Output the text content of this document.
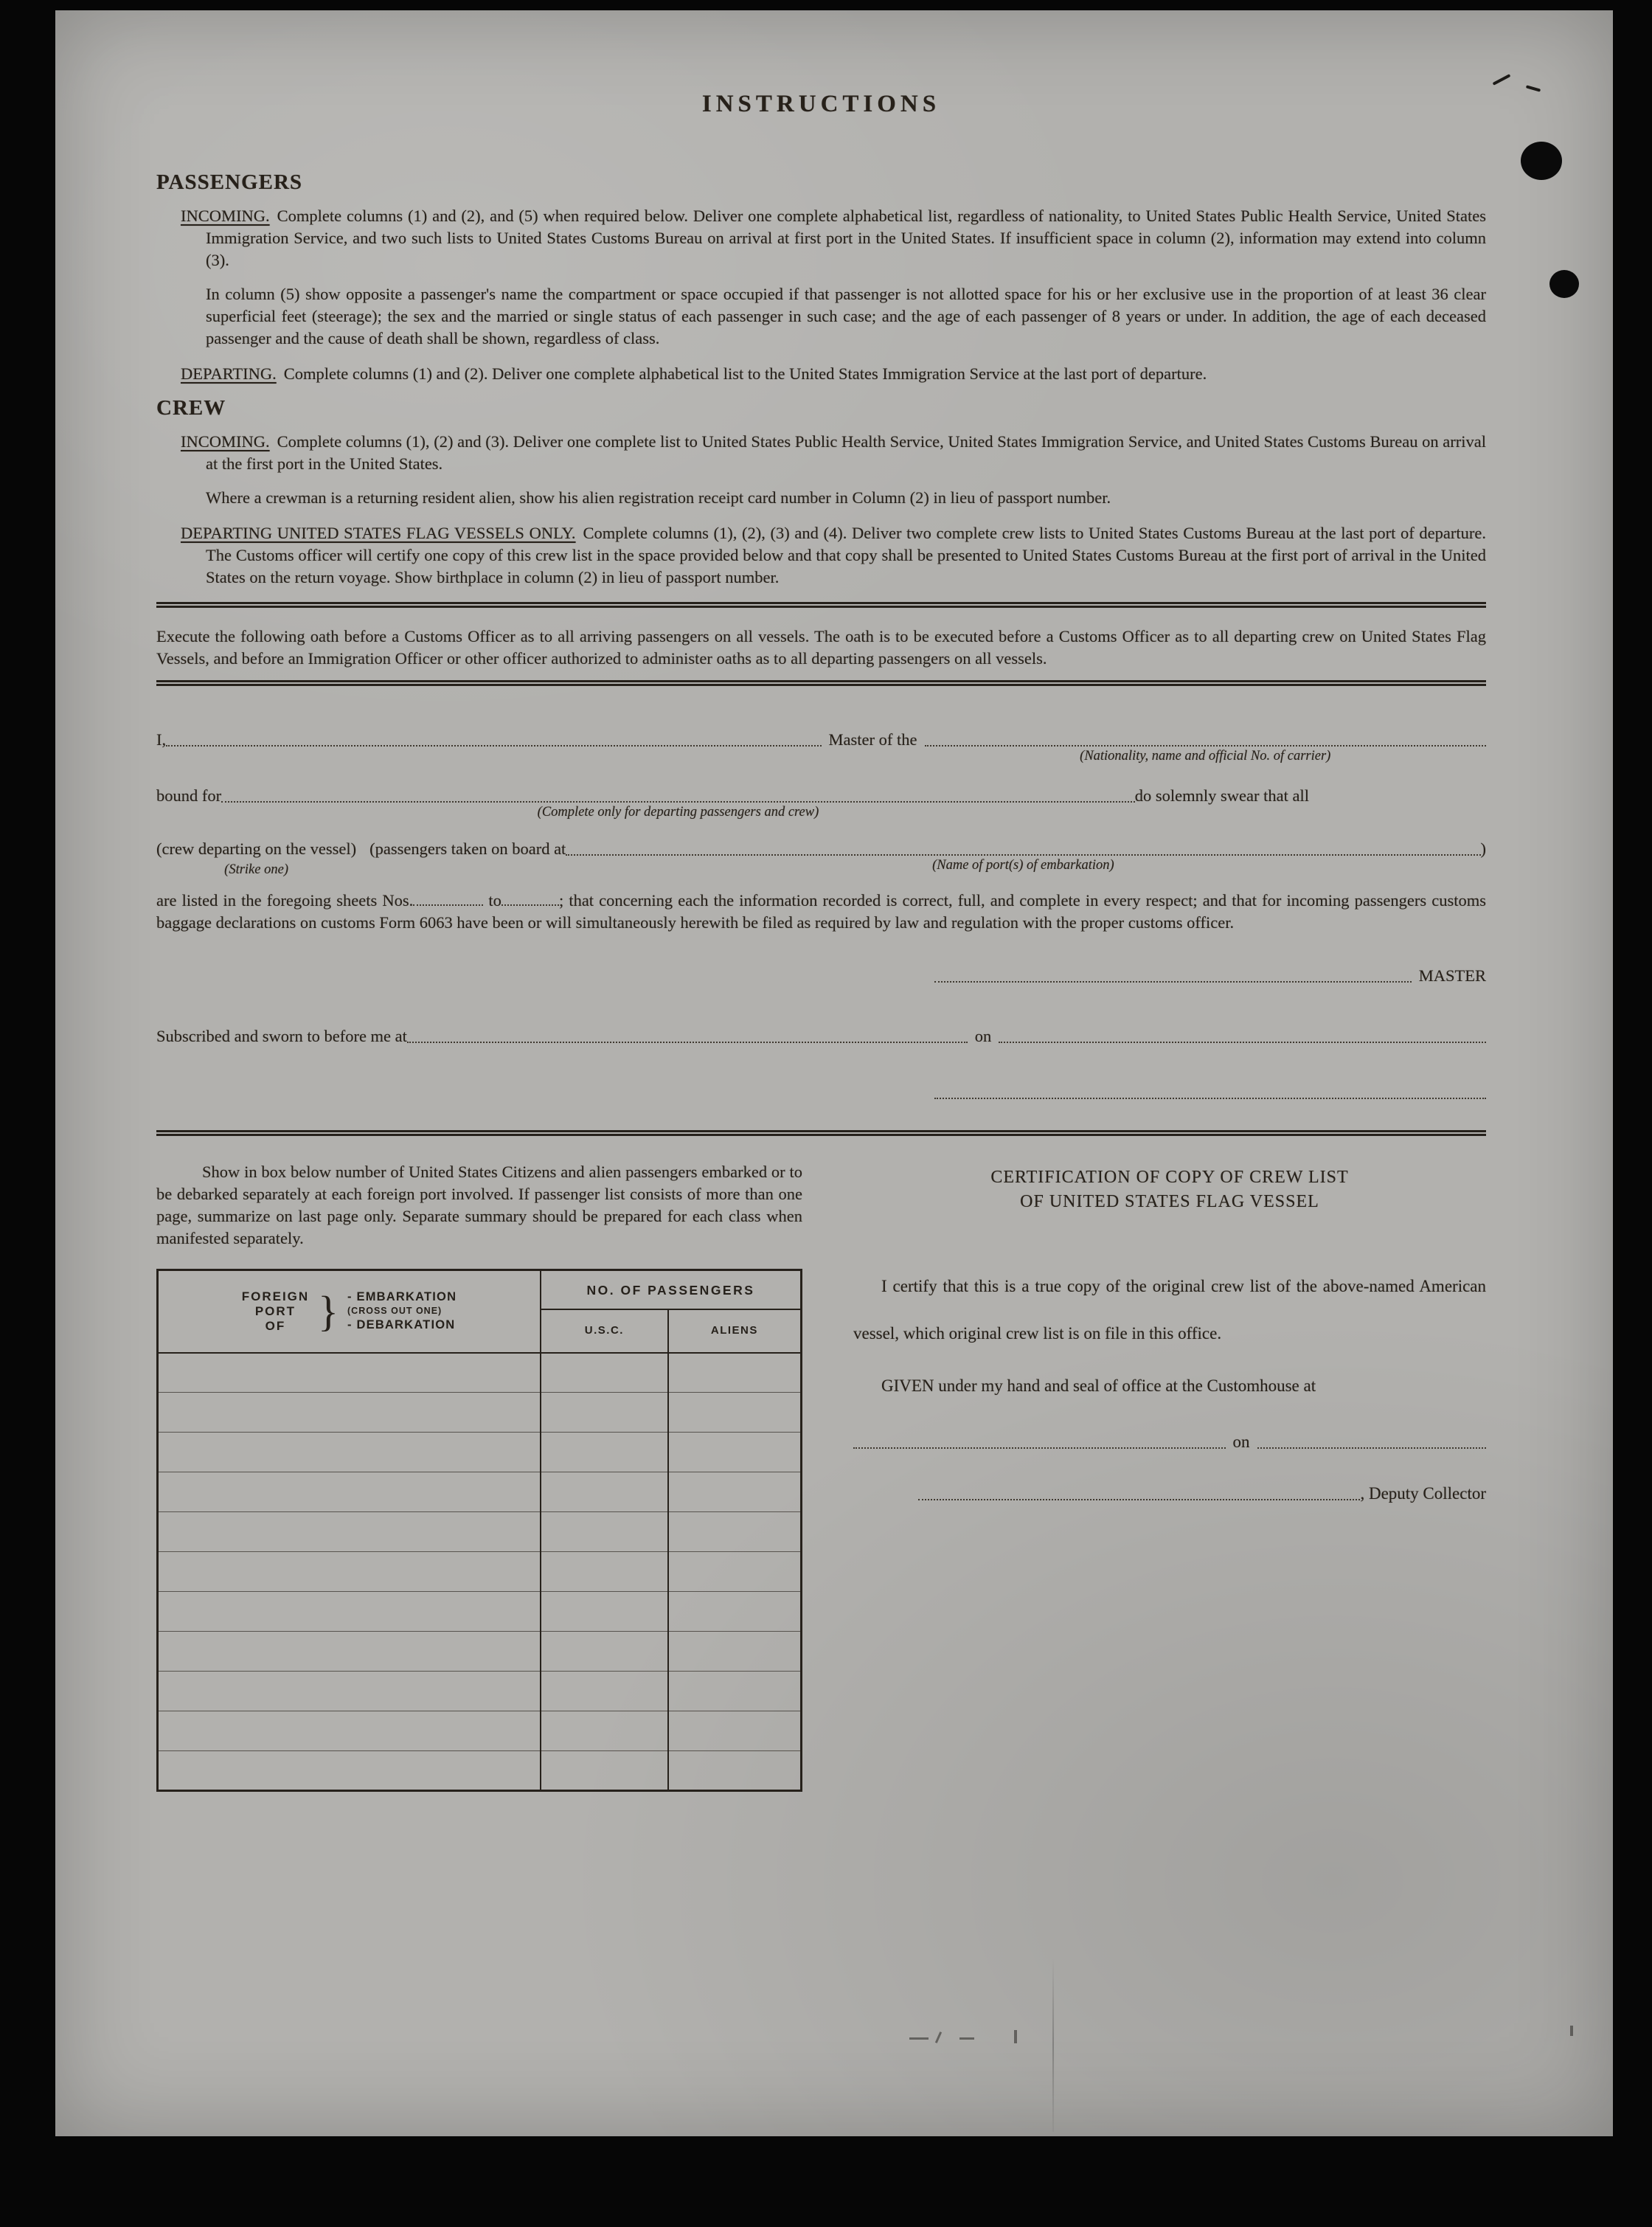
INSTRUCTIONS
PASSENGERS

INCOMING. Complete columns (1) and (2), and (5) when required below. Deliver one complete alphabetical list, regardless of nationality, to United States Public Health Service, United States Immigration Service, and two such lists to United States Customs Bureau on arrival at first port in the United States. If insufficient space in column (2), information may extend into column (3).

In column (5) show opposite a passenger's name the compartment or space occupied if that passenger is not allotted space for his or her exclusive use in the proportion of at least 36 clear superficial feet (steerage); the sex and the married or single status of each passenger in such case; and the age of each passenger of 8 years or under. In addition, the age of each deceased passenger and the cause of death shall be shown, regardless of class.

DEPARTING. Complete columns (1) and (2). Deliver one complete alphabetical list to the United States Immigration Service at the last port of departure.

CREW

INCOMING. Complete columns (1), (2) and (3). Deliver one complete list to United States Public Health Service, United States Immigration Service, and United States Customs Bureau on arrival at the first port in the United States.

Where a crewman is a returning resident alien, show his alien registration receipt card number in Column (2) in lieu of passport number.

DEPARTING UNITED STATES FLAG VESSELS ONLY. Complete columns (1), (2), (3) and (4). Deliver two complete crew lists to United States Customs Bureau at the last port of departure. The Customs officer will certify one copy of this crew list in the space provided below and that copy shall be presented to United States Customs Bureau at the first port of arrival in the United States on the return voyage. Show birthplace in column (2) in lieu of passport number.

Execute the following oath before a Customs Officer as to all arriving passengers on all vessels. The oath is to be executed before a Customs Officer as to all departing crew on United States Flag Vessels, and before an Immigration Officer or other officer authorized to administer oaths as to all departing passengers on all vessels.

I,	Master of the
(Nationality, name and official No. of carrier)
bound for
(Complete only for departing passengers and crew)
do solemnly swear that all
(crew departing on the vessel)
(Strike one)
(passengers taken on board at
(Name of port(s) of embarkation)
)

are listed in the foregoing sheets Nos.	to	; that concerning each the information recorded is correct, full, and complete in every respect; and that for incoming passengers customs baggage declarations on customs Form 6063 have been or will simultaneously herewith be filed as required by law and regulation with the proper customs officer.

MASTER
Subscribed and sworn to before me at	on

Show in box below number of United States Citizens and alien passengers embarked or to be debarked separately at each foreign port involved. If passenger list consists of more than one page, summarize on last page only. Separate summary should be prepared for each class when manifested separately.

FOREIGN
PORT
OF } - EMBARKATION
(CROSS OUT ONE)
- DEBARKATION
	NO. OF PASSENGERS
	U.S.C.	ALIENS

CERTIFICATION OF COPY OF CREW LIST
OF UNITED STATES FLAG VESSEL

I certify that this is a true copy of the original crew list of the above-named American vessel, which original crew list is on file in this office.

GIVEN under my hand and seal of office at the Customhouse at

on
, Deputy Collector
